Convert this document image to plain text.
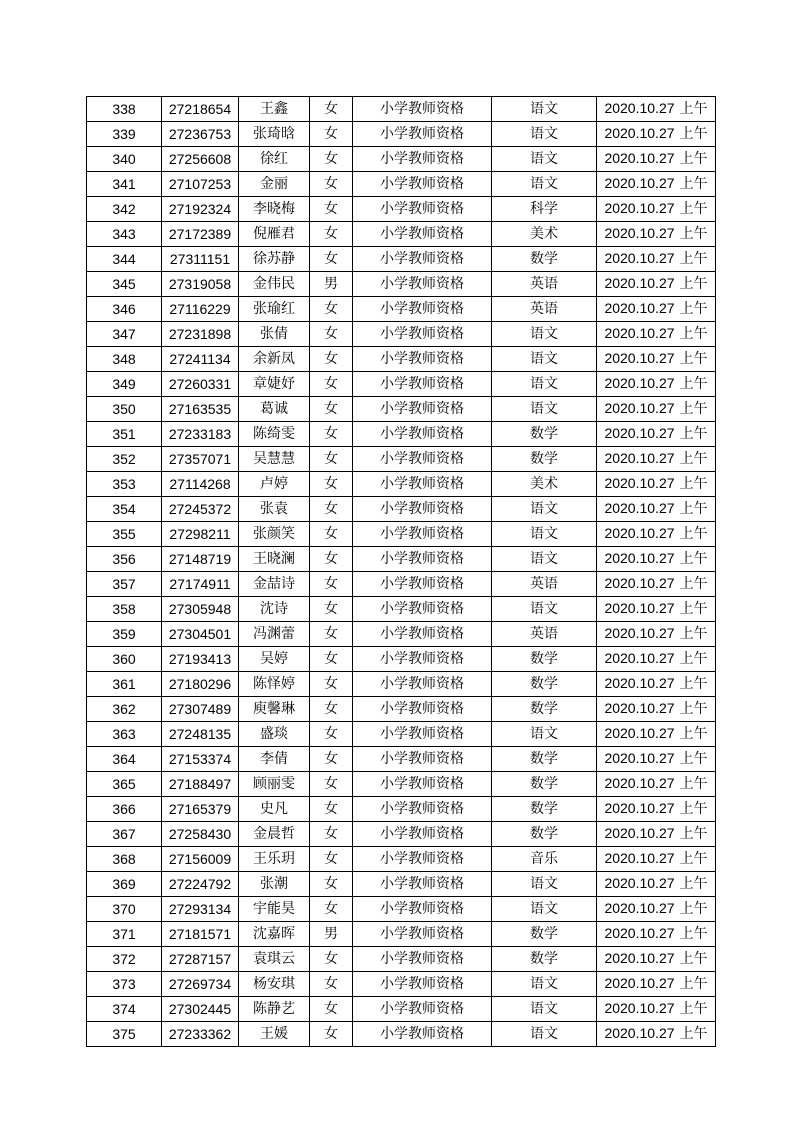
338	27218654	王鑫	女	小学教师资格	语文	2020.10.27 上午
339	27236753	张琦晗	女	小学教师资格	语文	2020.10.27 上午
340	27256608	徐红	女	小学教师资格	语文	2020.10.27 上午
341	27107253	金丽	女	小学教师资格	语文	2020.10.27 上午
342	27192324	李晓梅	女	小学教师资格	科学	2020.10.27 上午
343	27172389	倪雁君	女	小学教师资格	美术	2020.10.27 上午
344	27311151	徐苏静	女	小学教师资格	数学	2020.10.27 上午
345	27319058	金伟民	男	小学教师资格	英语	2020.10.27 上午
346	27116229	张瑜红	女	小学教师资格	英语	2020.10.27 上午
347	27231898	张倩	女	小学教师资格	语文	2020.10.27 上午
348	27241134	余新凤	女	小学教师资格	语文	2020.10.27 上午
349	27260331	章婕妤	女	小学教师资格	语文	2020.10.27 上午
350	27163535	葛诚	女	小学教师资格	语文	2020.10.27 上午
351	27233183	陈绮雯	女	小学教师资格	数学	2020.10.27 上午
352	27357071	吴慧慧	女	小学教师资格	数学	2020.10.27 上午
353	27114268	卢婷	女	小学教师资格	美术	2020.10.27 上午
354	27245372	张袁	女	小学教师资格	语文	2020.10.27 上午
355	27298211	张颜笑	女	小学教师资格	语文	2020.10.27 上午
356	27148719	王晓澜	女	小学教师资格	语文	2020.10.27 上午
357	27174911	金喆诗	女	小学教师资格	英语	2020.10.27 上午
358	27305948	沈诗	女	小学教师资格	语文	2020.10.27 上午
359	27304501	冯渊蕾	女	小学教师资格	英语	2020.10.27 上午
360	27193413	吴婷	女	小学教师资格	数学	2020.10.27 上午
361	27180296	陈怿婷	女	小学教师资格	数学	2020.10.27 上午
362	27307489	庾馨琳	女	小学教师资格	数学	2020.10.27 上午
363	27248135	盛琰	女	小学教师资格	语文	2020.10.27 上午
364	27153374	李倩	女	小学教师资格	数学	2020.10.27 上午
365	27188497	顾丽雯	女	小学教师资格	数学	2020.10.27 上午
366	27165379	史凡	女	小学教师资格	数学	2020.10.27 上午
367	27258430	金晨哲	女	小学教师资格	数学	2020.10.27 上午
368	27156009	王乐玥	女	小学教师资格	音乐	2020.10.27 上午
369	27224792	张潮	女	小学教师资格	语文	2020.10.27 上午
370	27293134	宇能昊	女	小学教师资格	语文	2020.10.27 上午
371	27181571	沈嘉晖	男	小学教师资格	数学	2020.10.27 上午
372	27287157	袁琪云	女	小学教师资格	数学	2020.10.27 上午
373	27269734	杨安琪	女	小学教师资格	语文	2020.10.27 上午
374	27302445	陈静艺	女	小学教师资格	语文	2020.10.27 上午
375	27233362	王媛	女	小学教师资格	语文	2020.10.27 上午
